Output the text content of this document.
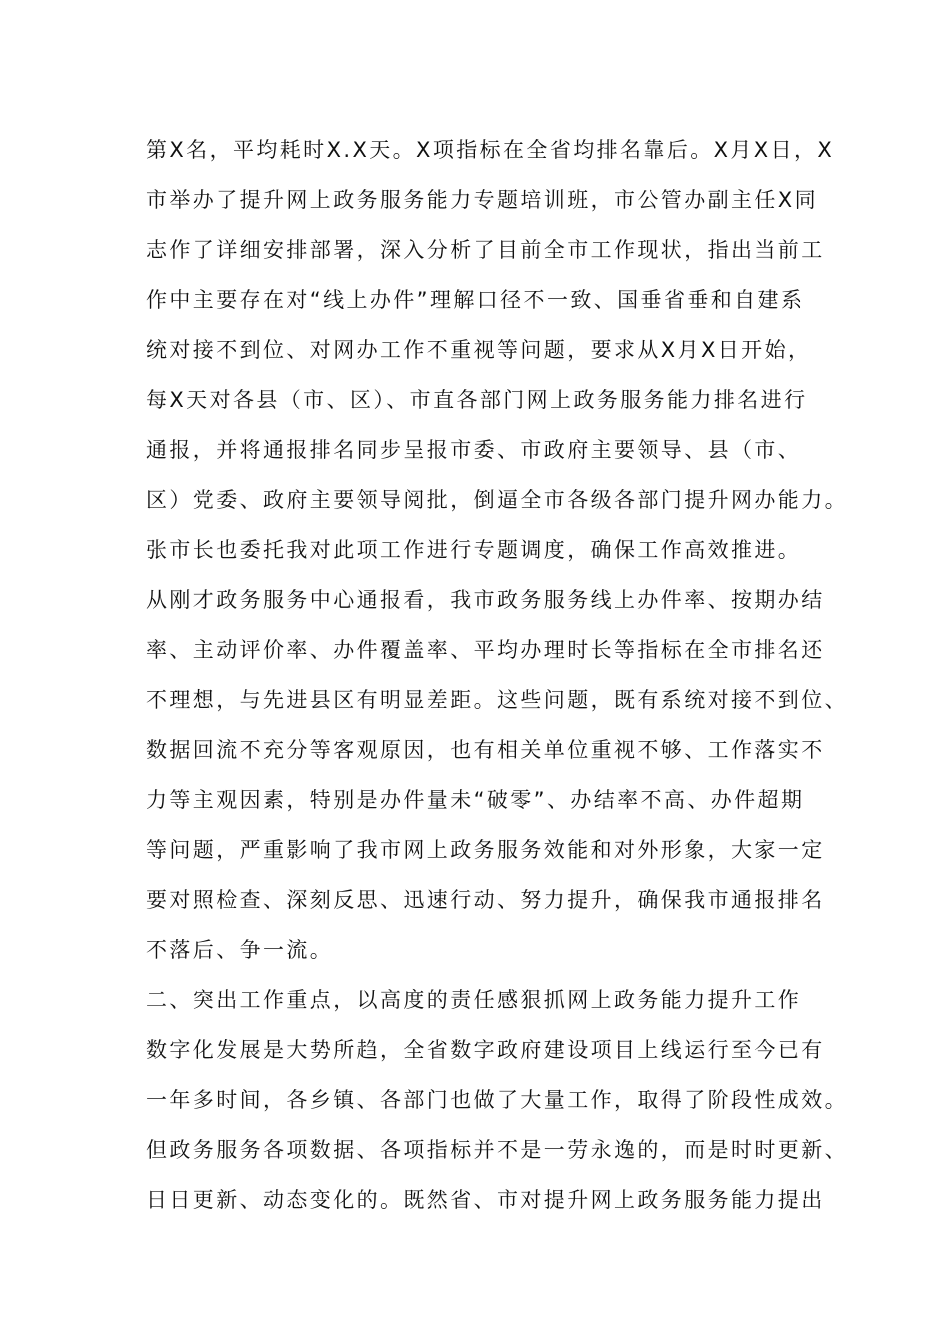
第X名，平均耗时X.X天。X项指标在全省均排名靠后。X月X日，X
市举办了提升网上政务服务能力专题培训班，市公管办副主任X同
志作了详细安排部署，深入分析了目前全市工作现状，指出当前工
作中主要存在对“线上办件”理解口径不一致、国垂省垂和自建系
统对接不到位、对网办工作不重视等问题，要求从X月X日开始，
每X天对各县（市、区）、市直各部门网上政务服务能力排名进行
通报，并将通报排名同步呈报市委、市政府主要领导、县（市、
区）党委、政府主要领导阅批，倒逼全市各级各部门提升网办能力。
张市长也委托我对此项工作进行专题调度，确保工作高效推进。
从刚才政务服务中心通报看，我市政务服务线上办件率、按期办结
率、主动评价率、办件覆盖率、平均办理时长等指标在全市排名还
不理想，与先进县区有明显差距。这些问题，既有系统对接不到位、
数据回流不充分等客观原因，也有相关单位重视不够、工作落实不
力等主观因素，特别是办件量未“破零”、办结率不高、办件超期
等问题，严重影响了我市网上政务服务效能和对外形象，大家一定
要对照检查、深刻反思、迅速行动、努力提升，确保我市通报排名
不落后、争一流。
二、突出工作重点，以高度的责任感狠抓网上政务能力提升工作
数字化发展是大势所趋，全省数字政府建设项目上线运行至今已有
一年多时间，各乡镇、各部门也做了大量工作，取得了阶段性成效。
但政务服务各项数据、各项指标并不是一劳永逸的，而是时时更新、
日日更新、动态变化的。既然省、市对提升网上政务服务能力提出
